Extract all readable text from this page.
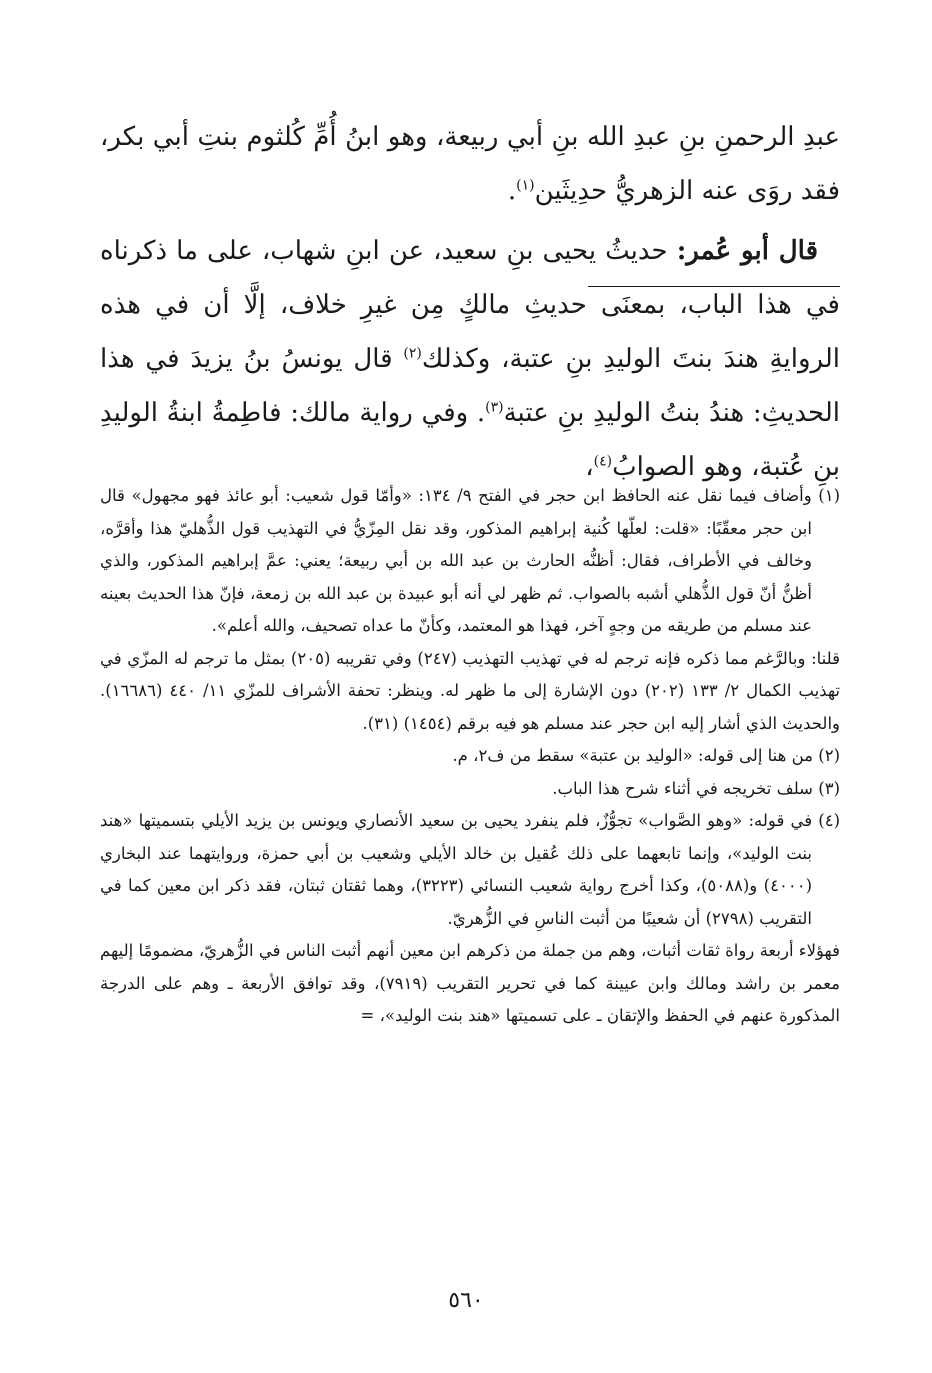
عبدِ الرحمنِ بنِ عبدِ الله بنِ أبي ربيعة، وهو ابنُ أُمِّ كُلثوم بنتِ أبي بكر، فقد روَى عنه الزهريُّ حدِيثَين$^{(١)}$.

قال أبو عُمر: حديثُ يحيى بنِ سعيد، عن ابنِ شهاب، على ما ذكرناه في هذا الباب، بمعنَى حديثِ مالكٍ مِن غيرِ خلاف، إلَّا أن في هذه الروايةِ هندَ بنتَ الوليدِ بنِ عتبة، وكذلك$^{(٢)}$ قال يونسُ بنُ يزيدَ في هذا الحديثِ: هندُ بنتُ الوليدِ بنِ عتبة$^{(٣)}$. وفي رواية مالك: فاطِمةُ ابنةُ الوليدِ بنِ عُتبة، وهو الصوابُ$^{(٤)}$،

(١) وأضاف فيما نقل عنه الحافظ ابن حجر في الفتح ٩/ ١٣٤: «وأمّا قول شعيب: أبو عائذ فهو مجهول» قال ابن حجر معقّبًا: «قلت: لعلّها كُنية إبراهيم المذكور، وقد نقل المِزّيُّ في التهذيب قول الذُّهليّ هذا وأقرَّه، وخالف في الأطراف، فقال: أظنُّه الحارث بن عبد الله بن أبي ربيعة؛ يعني: عمَّ إبراهيم المذكور، والذي أظنُّ أنّ قول الذُّهلي أشبه بالصواب. ثم ظهر لي أنه أبو عبيدة بن عبد الله بن زمعة، فإنّ هذا الحديث بعينه عند مسلم من طريقه من وجهٍ آخر، فهذا هو المعتمد، وكأنّ ما عداه تصحيف، والله أعلم».

قلنا: وبالرَّغم مما ذكره فإنه ترجم له في تهذيب التهذيب (٢٤٧) وفي تقريبه (٢٠٥) بمثل ما ترجم له المزّي في تهذيب الكمال ٢/ ١٣٣ (٢٠٢) دون الإشارة إلى ما ظهر له. وينظر: تحفة الأشراف للمزّي ١١/ ٤٤٠ (١٦٦٨٦). والحديث الذي أشار إليه ابن حجر عند مسلم هو فيه برقم (١٤٥٤) (٣١).

(٢) من هنا إلى قوله: «الوليد بن عتبة» سقط من ف٢، م.

(٣) سلف تخريجه في أثناء شرح هذا الباب.

(٤) في قوله: «وهو الصَّواب» تجوُّزٌ، فلم ينفرد يحيى بن سعيد الأنصاري ويونس بن يزيد الأيلي بتسميتها «هند بنت الوليد»، وإنما تابعهما على ذلك عُقيل بن خالد الأيلي وشعيب بن أبي حمزة، وروايتهما عند البخاري (٤٠٠٠) و(٥٠٨٨)، وكذا أخرج رواية شعيب النسائي (٣٢٢٣)، وهما ثقتان ثبتان، فقد ذكر ابن معين كما في التقريب (٢٧٩٨) أن شعيبًا من أثبت الناسِ في الزُّهريّ.

فهؤلاء أربعة رواة ثقات أثبات، وهم من جملة من ذكرهم ابن معين أنهم أثبت الناس في الزُّهريّ، مضمومًا إليهم معمر بن راشد ومالك وابن عيينة كما في تحرير التقريب (٧٩١٩)، وقد توافق الأربعة ـ وهم على الدرجة المذكورة عنهم في الحفظ والإتقان ـ على تسميتها «هند بنت الوليد»، =

٥٦٠
